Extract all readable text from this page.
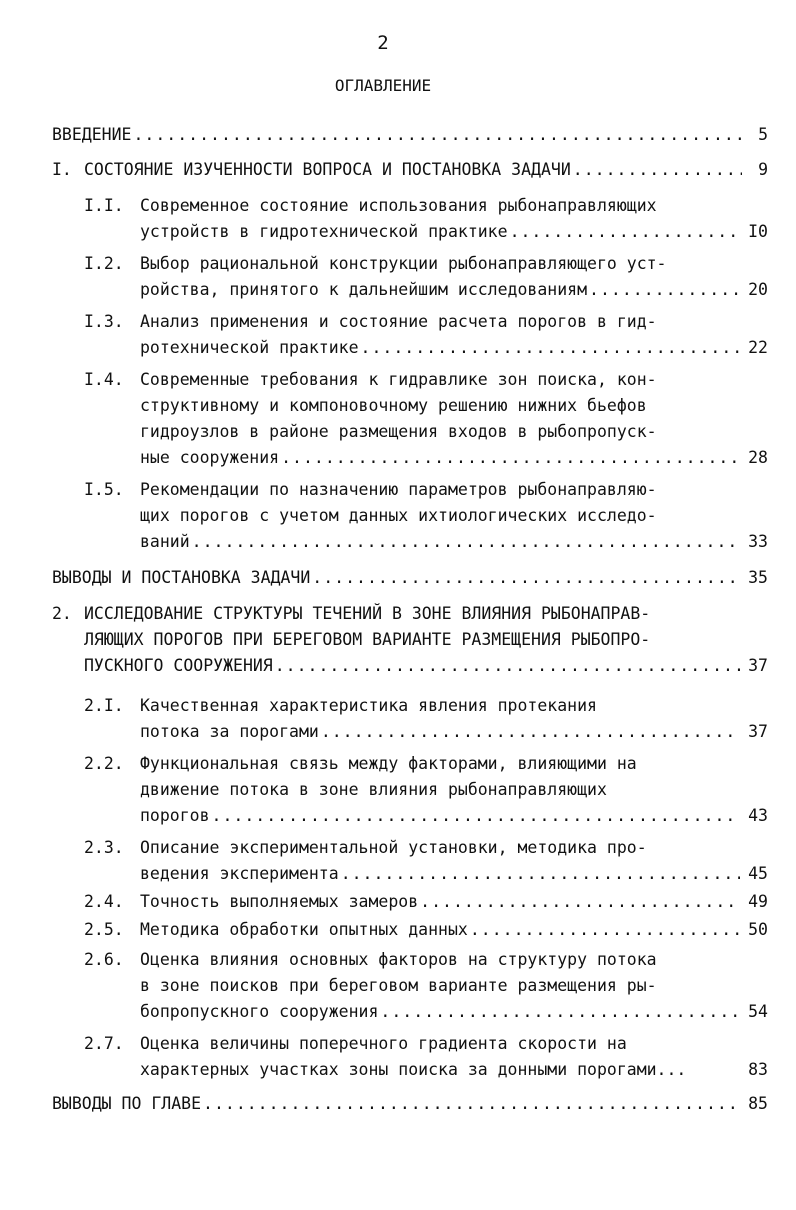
2
ОГЛАВЛЕНИЕ
ВВЕДЕНИЕ .....	5
I. СОСТОЯНИЕ ИЗУЧЕННОСТИ ВОПРОСА И ПОСТАНОВКА ЗАДАЧИ .....	9
I.I. Современное состояние использования рыбонаправляющих
устройств в гидротехнической практике .....	I0
I.2. Выбор рациональной конструкции рыбонаправляющего уст-
ройства, принятого к дальнейшим исследованиям .....	20
I.3. Анализ применения и состояние расчета порогов в гид-
ротехнической практике .....	22
I.4. Современные требования к гидравлике зон поиска, кон-
структивному и компоновочному решению нижних бьефов
гидроузлов в районе размещения входов в рыбопропуск-
ные сооружения .....	28
I.5. Рекомендации по назначению параметров рыбонаправляю-
щих порогов с учетом данных ихтиологических исследо-
ваний .....	33
ВЫВОДЫ И ПОСТАНОВКА ЗАДАЧИ .....	35
2. ИССЛЕДОВАНИЕ СТРУКТУРЫ ТЕЧЕНИЙ В ЗОНЕ ВЛИЯНИЯ РЫБОНАПРАВ-
ЛЯЮЩИХ ПОРОГОВ ПРИ БЕРЕГОВОМ ВАРИАНТЕ РАЗМЕЩЕНИЯ РЫБОПРО-
ПУСКНОГО СООРУЖЕНИЯ .....	37
2.I. Качественная характеристика явления протекания
потока за порогами .....	37
2.2. Функциональная связь между факторами, влияющими на
движение потока в зоне влияния рыбонаправляющих
порогов .....	43
2.3. Описание экспериментальной установки, методика про-
ведения эксперимента .....	45
2.4. Точность выполняемых замеров .....	49
2.5. Методика обработки опытных данных .....	50
2.6. Оценка влияния основных факторов на структуру потока
в зоне поисков при береговом варианте размещения ры-
бопропускного сооружения .....	54
2.7. Оценка величины поперечного градиента скорости на
характерных участках зоны поиска за донными порогами...	83
ВЫВОДЫ ПО ГЛАВЕ .....	85
